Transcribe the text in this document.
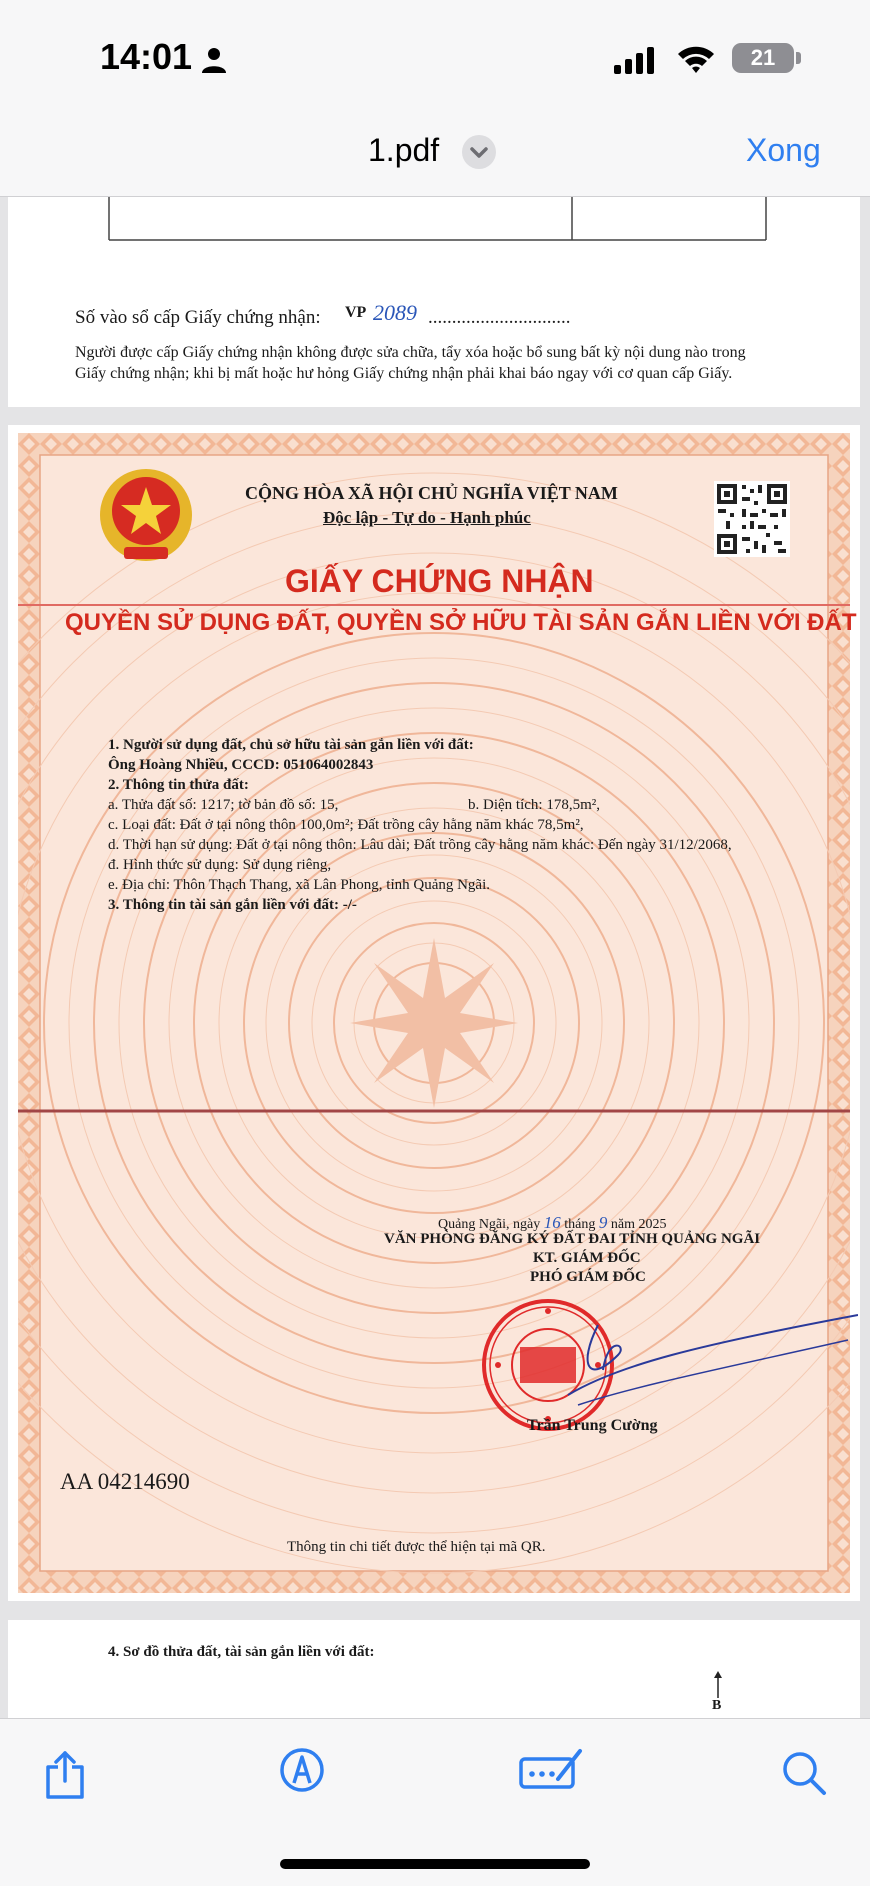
14:01	21
1.pdf	Xong
Số vào sổ cấp Giấy chứng nhận: VP 2089 ..............................
Người được cấp Giấy chứng nhận không được sửa chữa, tẩy xóa hoặc bổ sung bất kỳ nội dung nào trong
Giấy chứng nhận; khi bị mất hoặc hư hỏng Giấy chứng nhận phải khai báo ngay với cơ quan cấp Giấy.
CỘNG HÒA XÃ HỘI CHỦ NGHĨA VIỆT NAM
Độc lập - Tự do - Hạnh phúc
GIẤY CHỨNG NHẬN
QUYỀN SỬ DỤNG ĐẤT, QUYỀN SỞ HỮU TÀI SẢN GẮN LIỀN VỚI ĐẤT
1. Người sử dụng đất, chủ sở hữu tài sản gắn liền với đất:
Ông Hoàng Nhiều, CCCD: 051064002843
2. Thông tin thửa đất:
a. Thửa đất số: 1217; tờ bản đồ số: 15,	b. Diện tích: 178,5m²,
c. Loại đất: Đất ở tại nông thôn 100,0m²; Đất trồng cây hằng năm khác 78,5m²,
d. Thời hạn sử dụng: Đất ở tại nông thôn: Lâu dài; Đất trồng cây hằng năm khác: Đến ngày 31/12/2068,
đ. Hình thức sử dụng: Sử dụng riêng,
e. Địa chỉ: Thôn Thạch Thang, xã Lân Phong, tỉnh Quảng Ngãi.
3. Thông tin tài sản gắn liền với đất: -/-
Quảng Ngãi, ngày 16 tháng 9 năm 2025
VĂN PHÒNG ĐĂNG KÝ ĐẤT ĐAI TỈNH QUẢNG NGÃI
KT. GIÁM ĐỐC
PHÓ GIÁM ĐỐC
Trần Trung Cường
AA 04214690
Thông tin chi tiết được thể hiện tại mã QR.
4. Sơ đồ thửa đất, tài sản gắn liền với đất:
B
